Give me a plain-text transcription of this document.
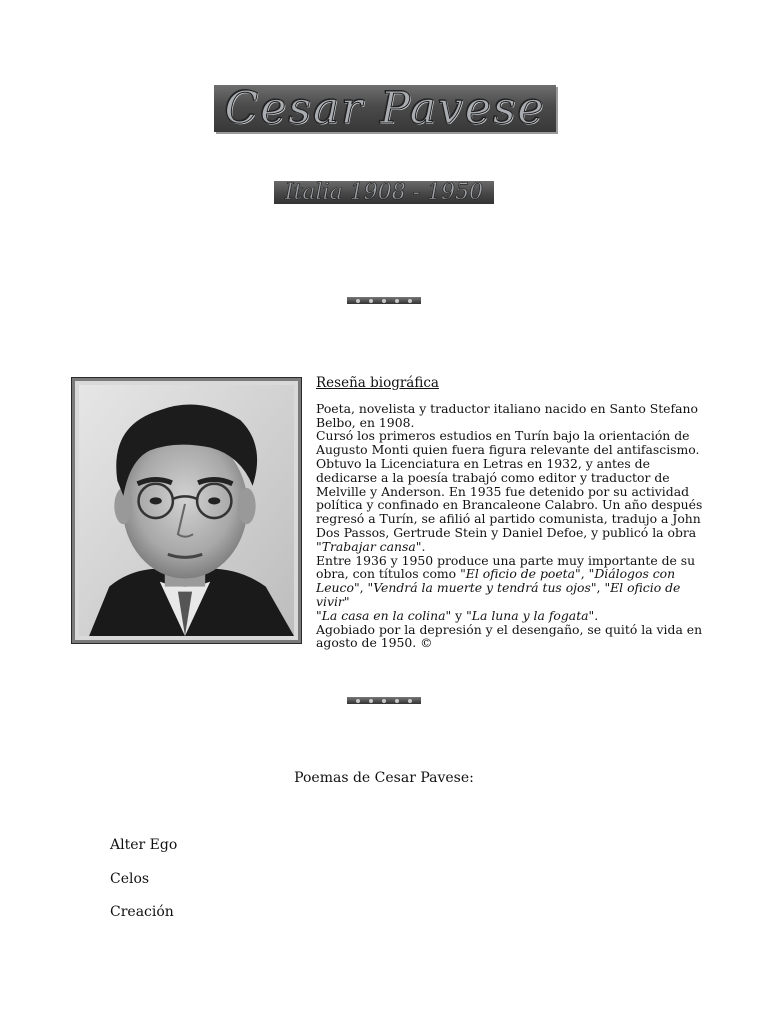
Cesar Pavese
Italia 1908 - 1950
Reseña biográfica

Poeta, novelista y traductor italiano nacido en Santo Stefano Belbo, en 1908.
Cursó los primeros estudios en Turín bajo la orientación de Augusto Monti quien fuera figura relevante del antifascismo. Obtuvo la Licenciatura en Letras en 1932, y antes de dedicarse a la poesía trabajó como editor y traductor de Melville y Anderson. En 1935 fue detenido por su actividad política y confinado en Brancaleone Calabro. Un año después regresó a Turín, se afilió al partido comunista, tradujo a John Dos Passos, Gertrude Stein y Daniel Defoe, y publicó la obra "Trabajar cansa".
Entre 1936 y 1950 produce una parte muy importante de su obra, con títulos como "El oficio de poeta", "Diálogos con Leuco", "Vendrá la muerte y tendrá tus ojos", "El oficio de vivir"
"La casa en la colina" y "La luna y la fogata".
Agobiado por la depresión y el desengaño, se quitó la vida en agosto de 1950. ©

Poemas de Cesar Pavese:
Alter Ego
Celos
Creación
